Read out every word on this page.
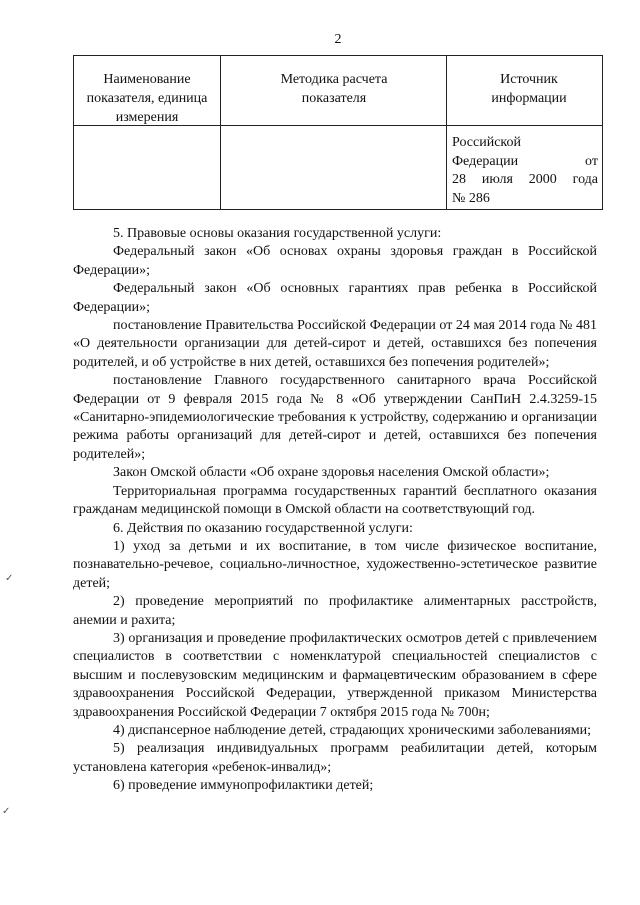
2
Наименование показателя, единица измерения
Методика расчета показателя
Источник информации
Российской
Федерации от
28 июля 2000 года
№ 286

5. Правовые основы оказания государственной услуги:

Федеральный закон «Об основах охраны здоровья граждан в Российской Федерации»;

Федеральный закон «Об основных гарантиях прав ребенка в Российской Федерации»;

постановление Правительства Российской Федерации от 24 мая 2014 года № 481 «О деятельности организации для детей-сирот и детей, оставшихся без попечения родителей, и об устройстве в них детей, оставшихся без попечения родителей»;

постановление Главного государственного санитарного врача Российской Федерации от 9 февраля 2015 года № 8 «Об утверждении СанПиН 2.4.3259-15 «Санитарно-эпидемиологические требования к устройству, содержанию и организации режима работы организаций для детей-сирот и детей, оставшихся без попечения родителей»;

Закон Омской области «Об охране здоровья населения Омской области»;

Территориальная программа государственных гарантий бесплатного оказания гражданам медицинской помощи в Омской области на соответствующий год.

6. Действия по оказанию государственной услуги:

1) уход за детьми и их воспитание, в том числе физическое воспитание, познавательно-речевое, социально-личностное, художественно-эстетическое развитие детей;

2) проведение мероприятий по профилактике алиментарных расстройств, анемии и рахита;

3) организация и проведение профилактических осмотров детей с привлечением специалистов в соответствии с номенклатурой специальностей специалистов с высшим и послевузовским медицинским и фармацевтическим образованием в сфере здравоохранения Российской Федерации, утвержденной приказом Министерства здравоохранения Российской Федерации 7 октября 2015 года № 700н;

4) диспансерное наблюдение детей, страдающих хроническими заболеваниями;

5) реализация индивидуальных программ реабилитации детей, которым установлена категория «ребенок-инвалид»;

6) проведение иммунопрофилактики детей;

✓
✓
